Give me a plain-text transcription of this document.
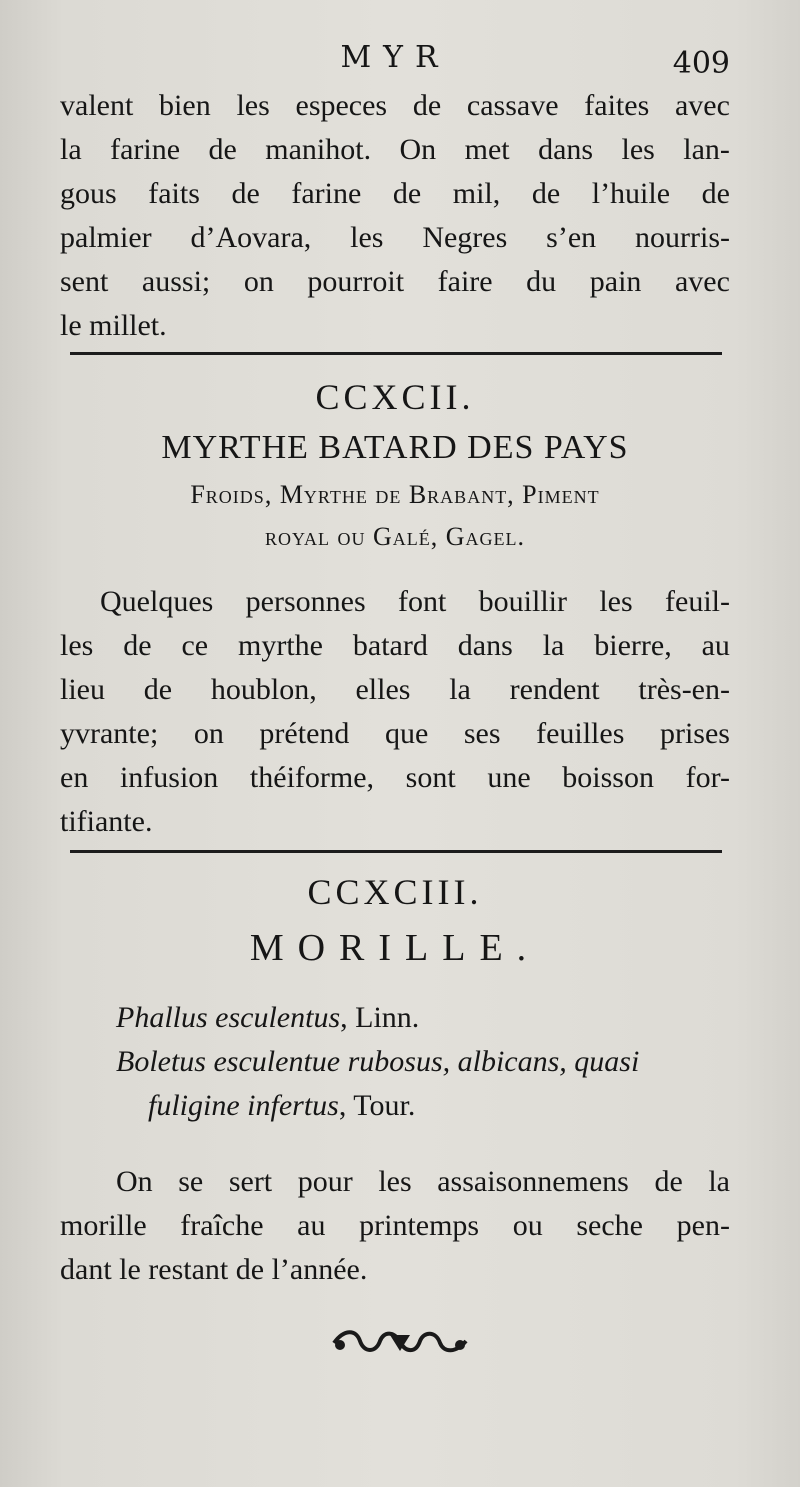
MYR	409
valent bien les especes de cassave faites avec
la farine de manihot. On met dans les lan-
gous faits de farine de mil, de l’huile de
palmier d’Aovara, les Negres s’en nourris-
sent aussi; on pourroit faire du pain avec
le millet.
CCXCII.
MYRTHE BATARD DES PAYS
Froids, Myrthe de Brabant, Piment
royal ou Galé, Gagel.
Quelques personnes font bouillir les feuil-
les de ce myrthe batard dans la bierre, au
lieu de houblon, elles la rendent très-en-
yvrante; on prétend que ses feuilles prises
en infusion théiforme, sont une boisson for-
tifiante.
CCXCIII.
MORILLE.
Phallus esculentus, Linn.
Boletus esculentue rubosus, albicans, quasi
fuligine infertus, Tour.
On se sert pour les assaisonnemens de la
morille fraîche au printemps ou seche pen-
dant le restant de l’année.
